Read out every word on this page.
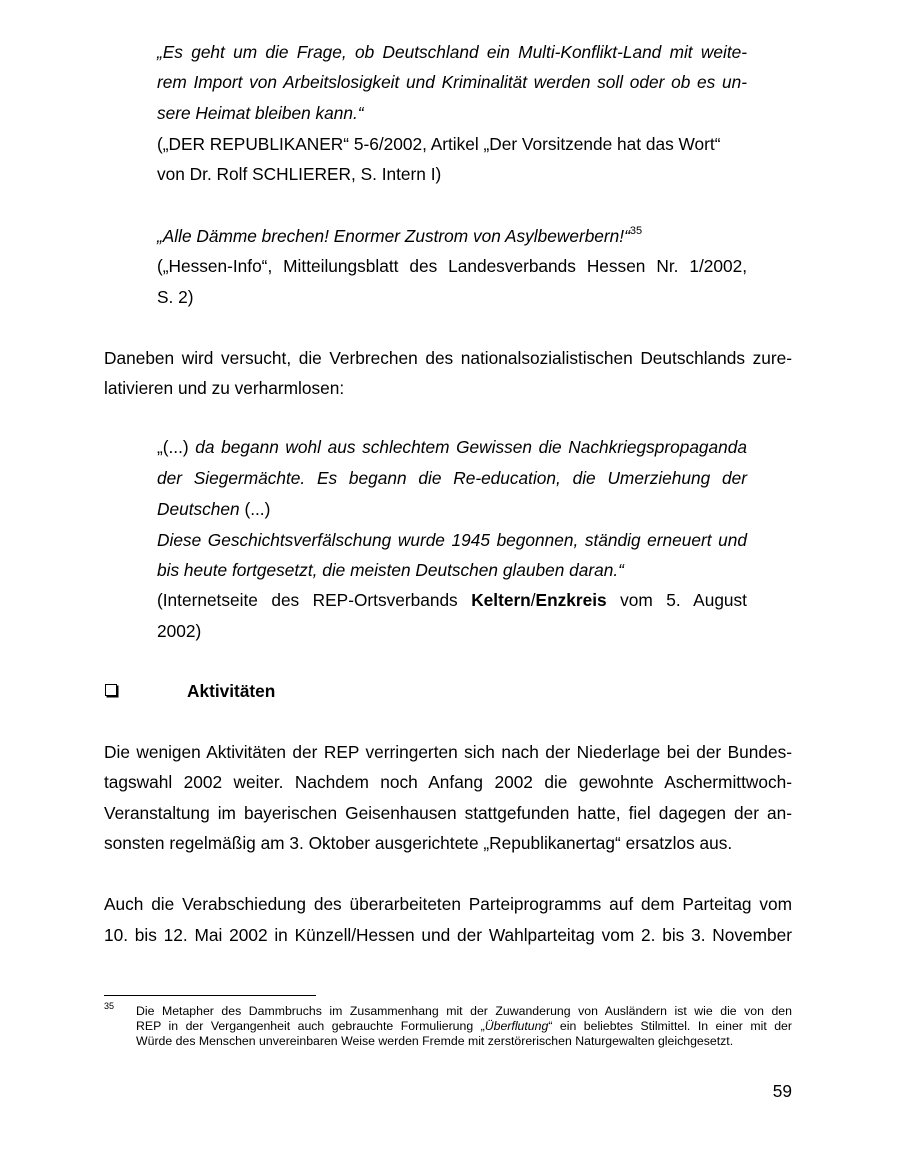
„Es geht um die Frage, ob Deutschland ein Multi-Konflikt-Land mit weite-
rem Import von Arbeitslosigkeit und Kriminalität werden soll oder ob es un-
sere Heimat bleiben kann.“
(„DER REPUBLIKANER“ 5-6/2002, Artikel „Der Vorsitzende hat das Wort“
von Dr. Rolf SCHLIERER, S. Intern I)
„Alle Dämme brechen! Enormer Zustrom von Asylbewerbern!“$^{35}$
(„Hessen-Info“, Mitteilungsblatt des Landesverbands Hessen Nr. 1/2002,
S. 2)
Daneben wird versucht, die Verbrechen des nationalsozialistischen Deutschlands zure-
lativieren und zu verharmlosen:
„(...) da begann wohl aus schlechtem Gewissen die Nachkriegspropaganda
der Siegermächte. Es begann die Re-education, die Umerziehung der
Deutschen (...)
Diese Geschichtsverfälschung wurde 1945 begonnen, ständig erneuert und
bis heute fortgesetzt, die meisten Deutschen glauben daran.“
(Internetseite des REP-Ortsverbands Keltern/Enzkreis vom 5. August
2002)
Aktivitäten
Die wenigen Aktivitäten der REP verringerten sich nach der Niederlage bei der Bundes-
tagswahl 2002 weiter. Nachdem noch Anfang 2002 die gewohnte Aschermittwoch-
Veranstaltung im bayerischen Geisenhausen stattgefunden hatte, fiel dagegen der an-
sonsten regelmäßig am 3. Oktober ausgerichtete „Republikanertag“ ersatzlos aus.
Auch die Verabschiedung des überarbeiteten Parteiprogramms auf dem Parteitag vom
10. bis 12. Mai 2002 in Künzell/Hessen und der Wahlparteitag vom 2. bis 3. November
35 Die Metapher des Dammbruchs im Zusammenhang mit der Zuwanderung von Ausländern ist wie die von den
REP in der Vergangenheit auch gebrauchte Formulierung „Überflutung“ ein beliebtes Stilmittel. In einer mit der
Würde des Menschen unvereinbaren Weise werden Fremde mit zerstörerischen Naturgewalten gleichgesetzt.
59
